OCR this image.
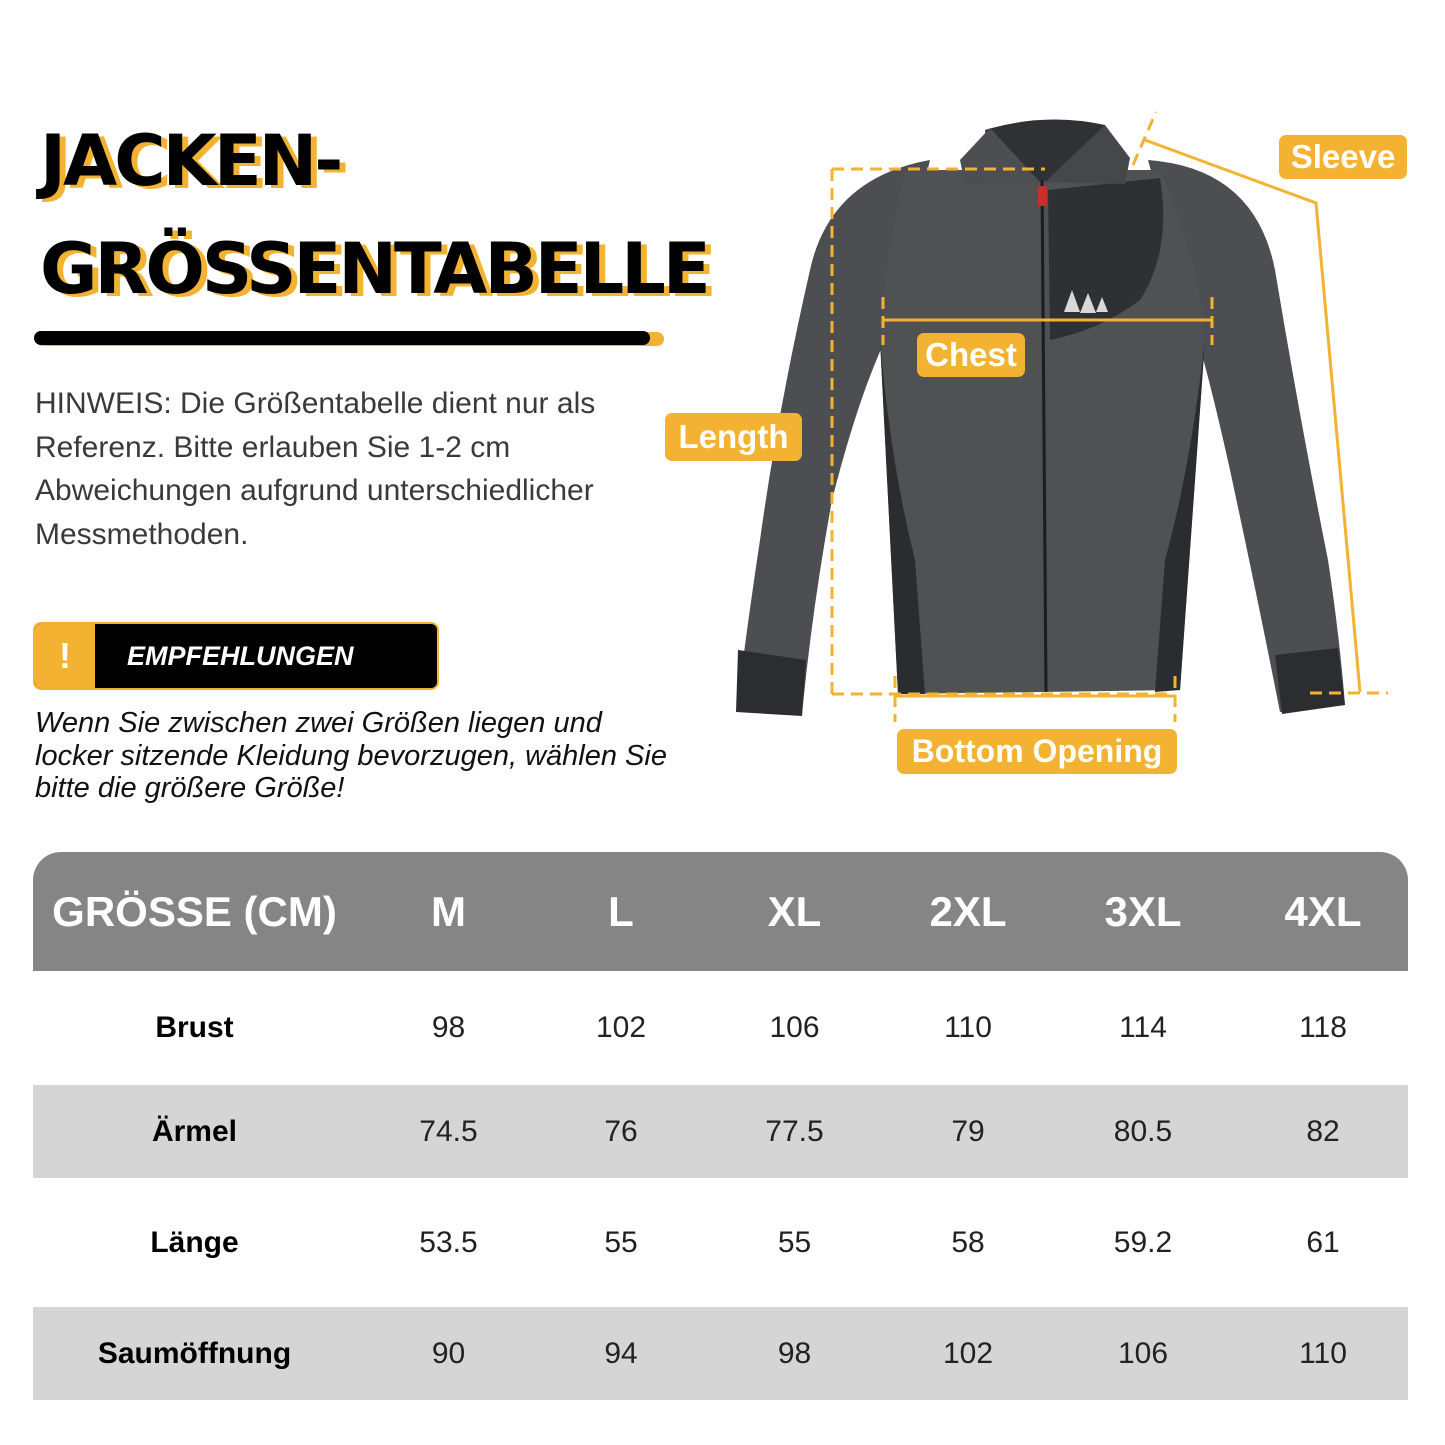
JACKEN-
GRÖSSENTABELLE

HINWEIS: Die Größentabelle dient nur als Referenz. Bitte erlauben Sie 1-2 cm Abweichungen aufgrund unterschiedlicher Messmethoden.

!	EMPFEHLUNGEN

Wenn Sie zwischen zwei Größen liegen und locker sitzende Kleidung bevorzugen, wählen Sie bitte die größere Größe!

Sleeve
Chest
Length
Bottom Opening
GRÖSSE (CM)	M	L	XL	2XL	3XL	4XL
Brust	98	102	106	110	114	118
Ärmel	74.5	76	77.5	79	80.5	82
Länge	53.5	55	55	58	59.2	61
Saumöffnung	90	94	98	102	106	110
